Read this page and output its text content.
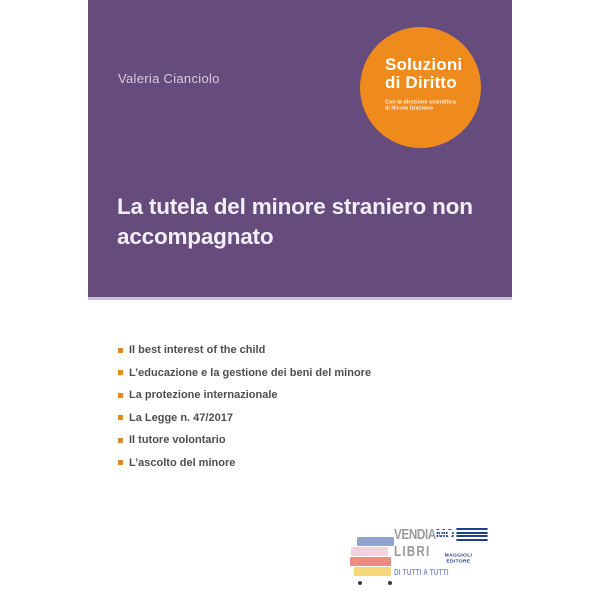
Valeria Cianciolo
Soluzioni
di Diritto
Con la direzione scientifica
di Nicola Graziano
La tutela del minore straniero non accompagnato
Il best interest of the child
L’educazione e la gestione dei beni del minore
La protezione internazionale
La Legge n. 47/2017
Il tutore volontario
L’ascolto del minore
VENDIA
LIBRI	MAGGIOLI
EDITORE
DI TUTTI A TUTTI
